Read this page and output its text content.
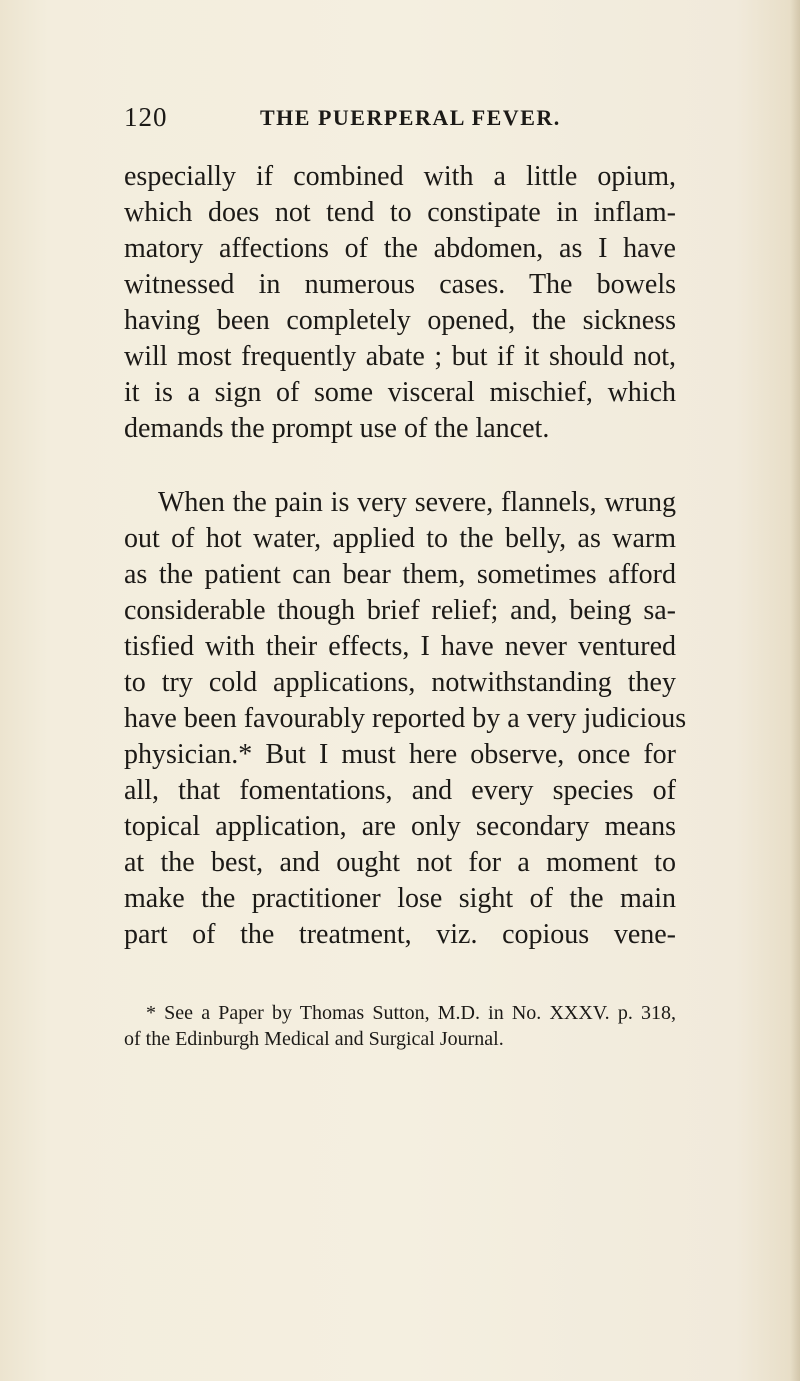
120	THE PUERPERAL FEVER.
especially if combined with a little opium,
which does not tend to constipate in inflam-
matory affections of the abdomen, as I have
witnessed in numerous cases. The bowels
having been completely opened, the sickness
will most frequently abate ; but if it should not,
it is a sign of some visceral mischief, which
demands the prompt use of the lancet.
When the pain is very severe, flannels, wrung
out of hot water, applied to the belly, as warm
as the patient can bear them, sometimes afford
considerable though brief relief; and, being sa-
tisfied with their effects, I have never ventured
to try cold applications, notwithstanding they
have been favourably reported by a very judicious
physician.* But I must here observe, once for
all, that fomentations, and every species of
topical application, are only secondary means
at the best, and ought not for a moment to
make the practitioner lose sight of the main
part of the treatment, viz. copious vene-
* See a Paper by Thomas Sutton, M.D. in No. XXXV. p. 318,
of the Edinburgh Medical and Surgical Journal.
